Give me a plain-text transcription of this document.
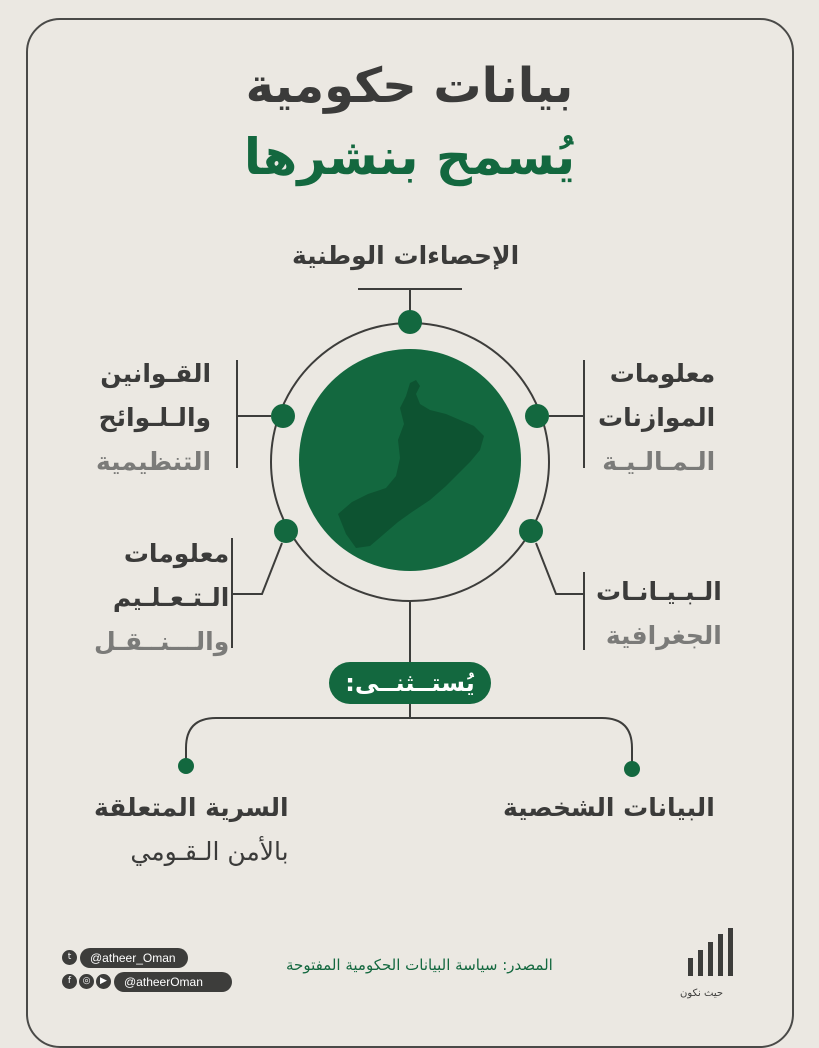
بيانات حكومية
يُسمح بنشرها
الإحصاءات الوطنية
القـوانين
والـلـوائح
التنظيمية
معلومات
الموازنات
الـمـالـيـة
معلومات
الـتـعـلـيم
والـــنــقـل
الـبـيـانـات
الجغرافية
يُستــثنــى:
البيانات الشخصية
السرية المتعلقة
بالأمن الـقـومي
t	@atheer_Oman
f	◎	▶	@atheerOman
المصدر: سياسة البيانات الحكومية المفتوحة
حيث نكون
